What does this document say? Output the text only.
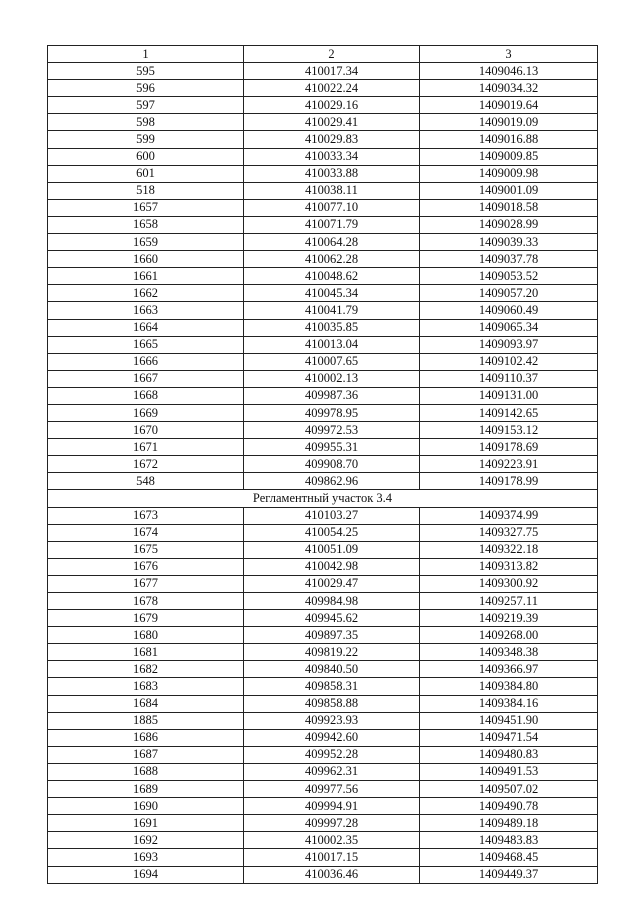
1	2	3
595	410017.34	1409046.13
596	410022.24	1409034.32
597	410029.16	1409019.64
598	410029.41	1409019.09
599	410029.83	1409016.88
600	410033.34	1409009.85
601	410033.88	1409009.98
518	410038.11	1409001.09
1657	410077.10	1409018.58
1658	410071.79	1409028.99
1659	410064.28	1409039.33
1660	410062.28	1409037.78
1661	410048.62	1409053.52
1662	410045.34	1409057.20
1663	410041.79	1409060.49
1664	410035.85	1409065.34
1665	410013.04	1409093.97
1666	410007.65	1409102.42
1667	410002.13	1409110.37
1668	409987.36	1409131.00
1669	409978.95	1409142.65
1670	409972.53	1409153.12
1671	409955.31	1409178.69
1672	409908.70	1409223.91
548	409862.96	1409178.99
Регламентный участок 3.4		
1673	410103.27	1409374.99
1674	410054.25	1409327.75
1675	410051.09	1409322.18
1676	410042.98	1409313.82
1677	410029.47	1409300.92
1678	409984.98	1409257.11
1679	409945.62	1409219.39
1680	409897.35	1409268.00
1681	409819.22	1409348.38
1682	409840.50	1409366.97
1683	409858.31	1409384.80
1684	409858.88	1409384.16
1885	409923.93	1409451.90
1686	409942.60	1409471.54
1687	409952.28	1409480.83
1688	409962.31	1409491.53
1689	409977.56	1409507.02
1690	409994.91	1409490.78
1691	409997.28	1409489.18
1692	410002.35	1409483.83
1693	410017.15	1409468.45
1694	410036.46	1409449.37
